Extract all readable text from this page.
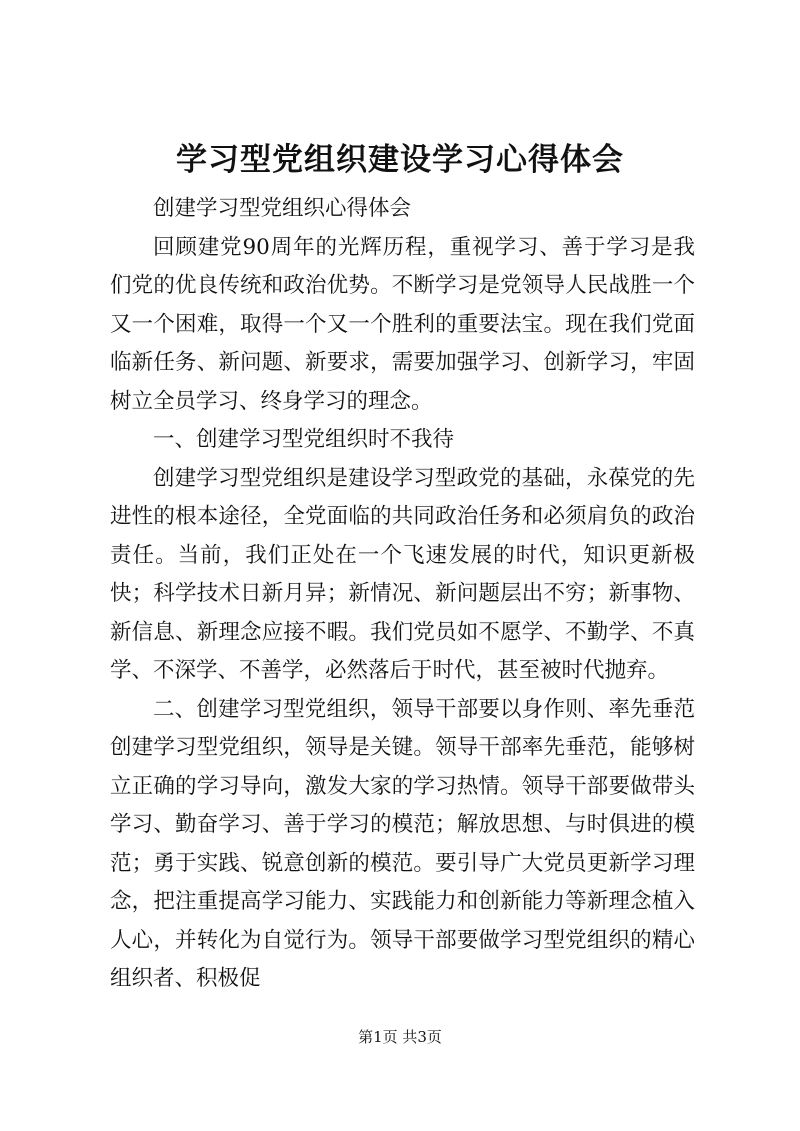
学习型党组织建设学习心得体会

创建学习型党组织心得体会

回顾建党90周年的光辉历程，重视学习、善于学习是我们党的优良传统和政治优势。不断学习是党领导人民战胜一个又一个困难，取得一个又一个胜利的重要法宝。现在我们党面临新任务、新问题、新要求，需要加强学习、创新学习，牢固树立全员学习、终身学习的理念。

一、创建学习型党组织时不我待

创建学习型党组织是建设学习型政党的基础，永葆党的先进性的根本途径，全党面临的共同政治任务和必须肩负的政治责任。当前，我们正处在一个飞速发展的时代，知识更新极快；科学技术日新月异；新情况、新问题层出不穷；新事物、新信息、新理念应接不暇。我们党员如不愿学、不勤学、不真学、不深学、不善学，必然落后于时代，甚至被时代抛弃。

二、创建学习型党组织，领导干部要以身作则、率先垂范创建学习型党组织，领导是关键。领导干部率先垂范，能够树立正确的学习导向，激发大家的学习热情。领导干部要做带头学习、勤奋学习、善于学习的模范；解放思想、与时俱进的模范；勇于实践、锐意创新的模范。要引导广大党员更新学习理念，把注重提高学习能力、实践能力和创新能力等新理念植入人心，并转化为自觉行为。领导干部要做学习型党组织的精心组织者、积极促

第1页 共3页
